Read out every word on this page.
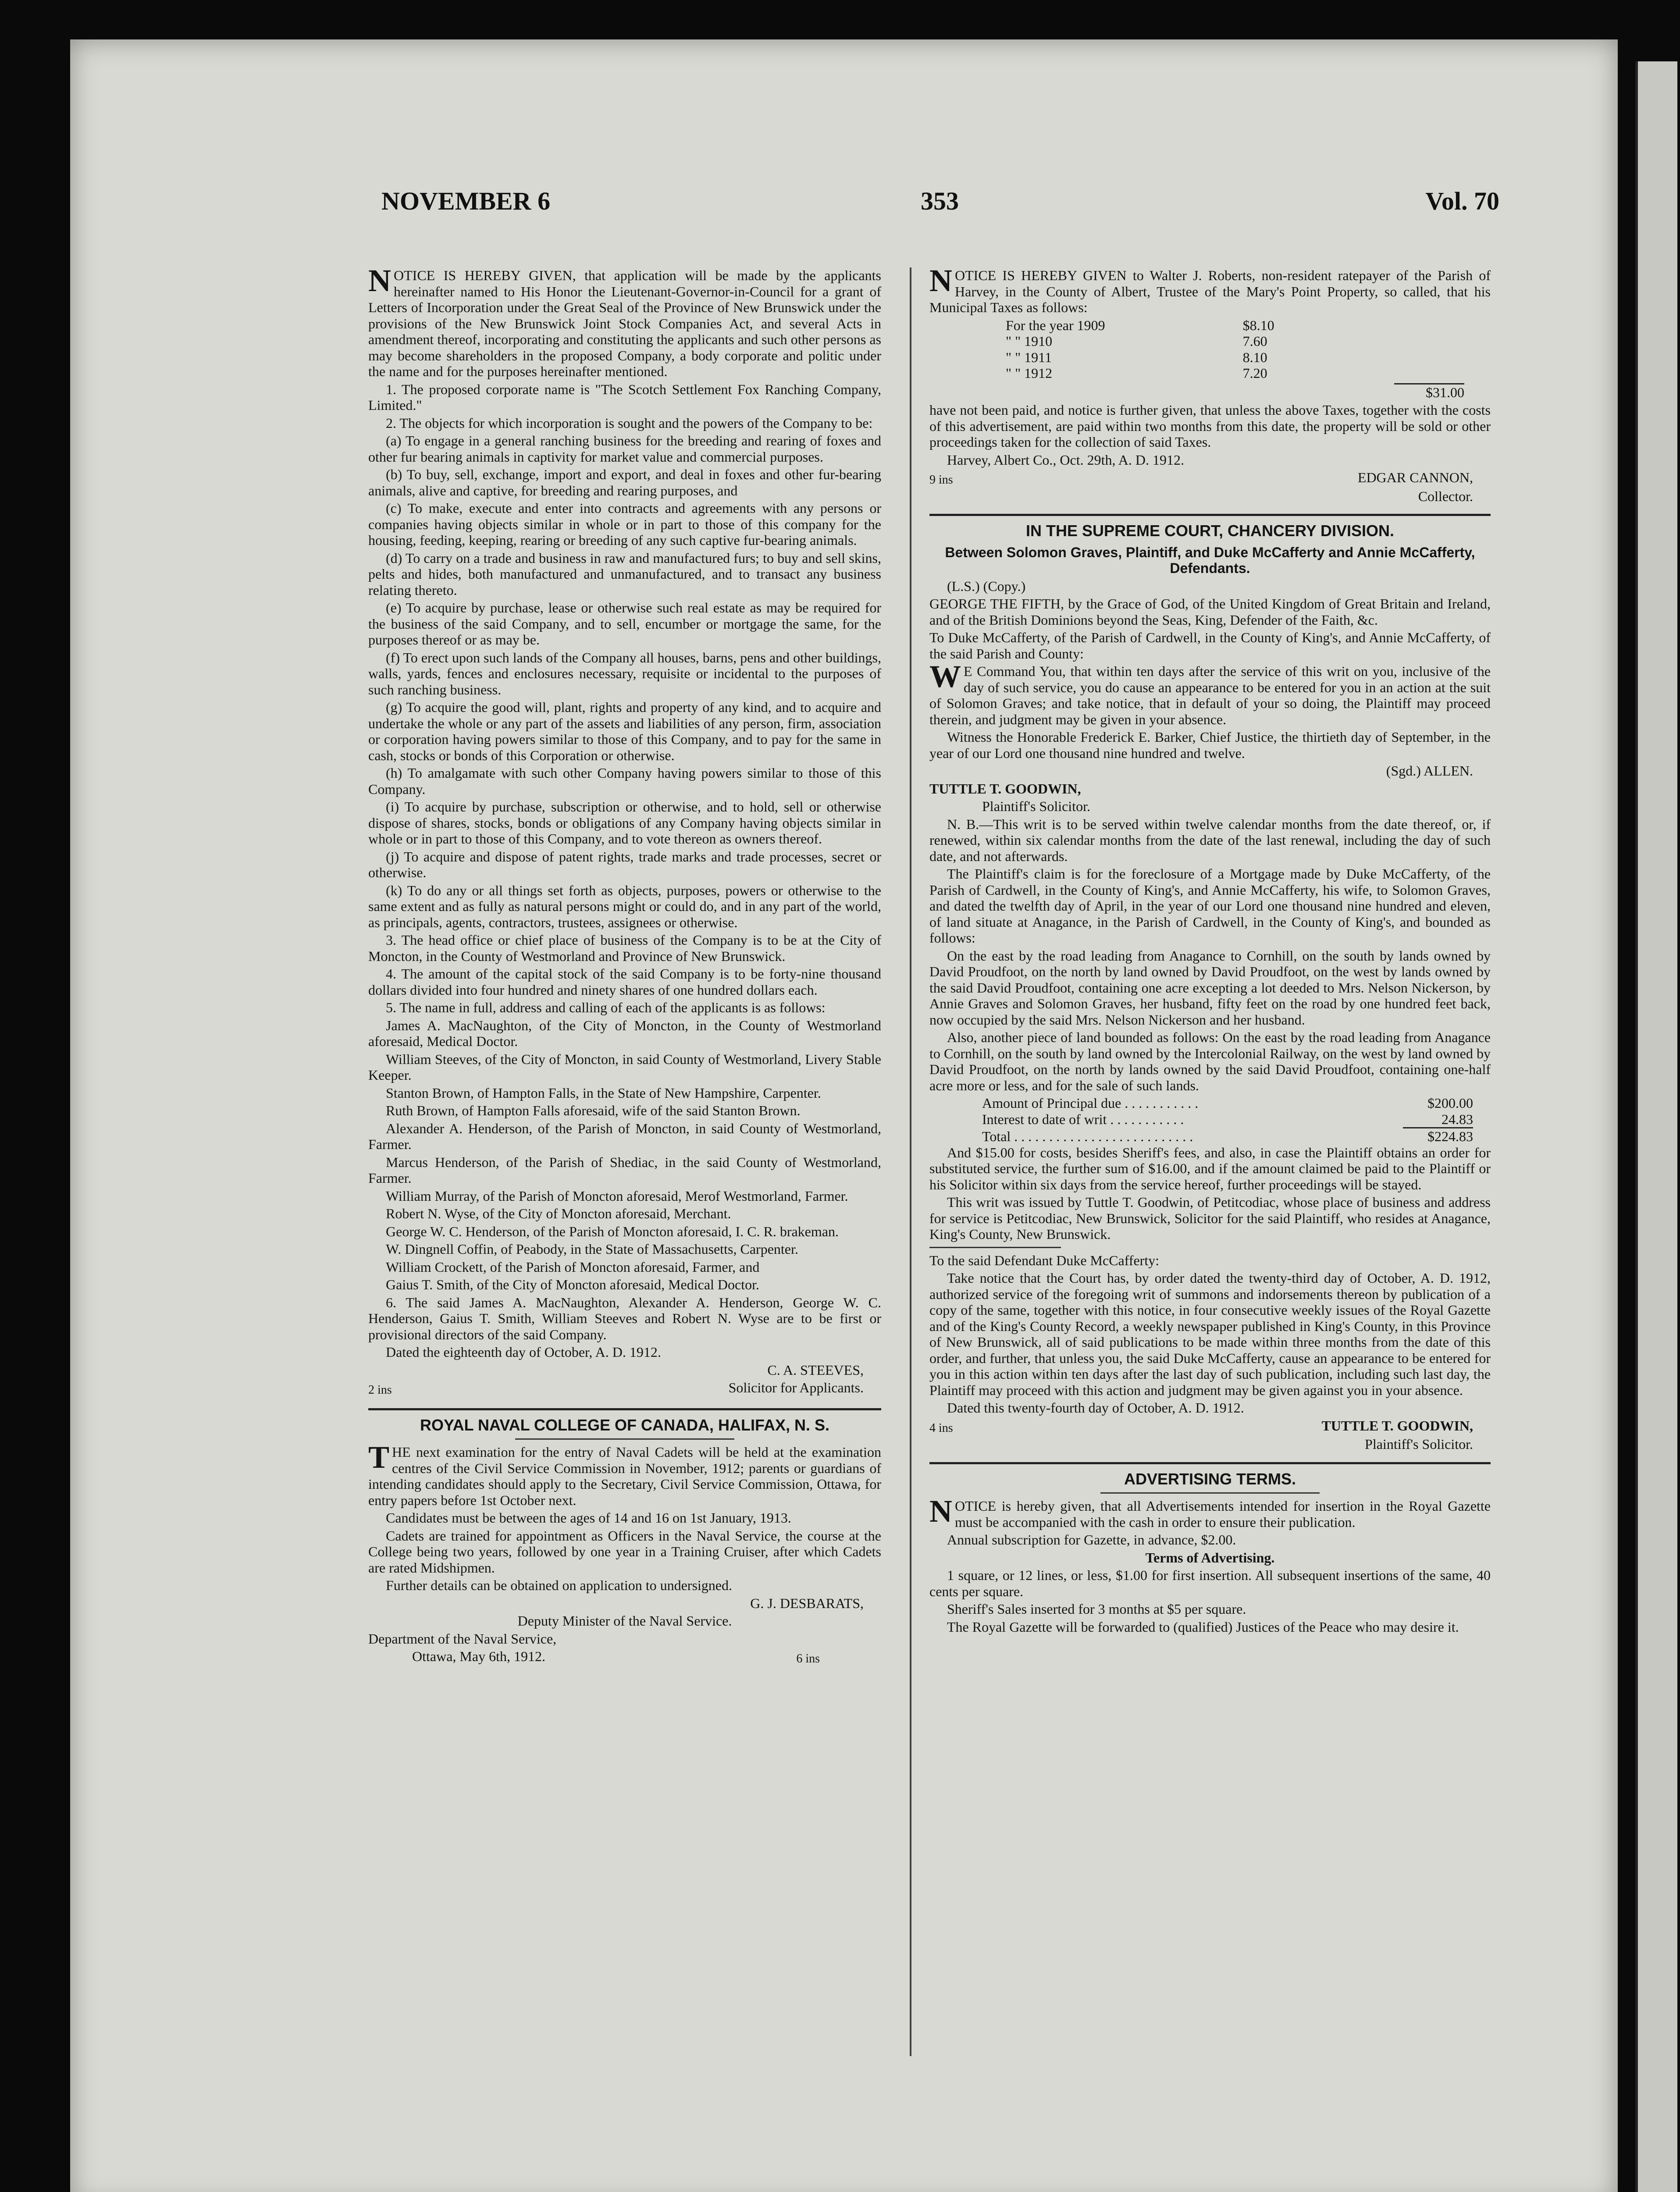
NOVEMBER 6	353	Vol. 70

NOTICE IS HEREBY GIVEN, that application will be made by the applicants hereinafter named to His Honor the Lieutenant-Governor-in-Council for a grant of Letters of Incorporation under the Great Seal of the Province of New Brunswick under the provisions of the New Brunswick Joint Stock Companies Act, and several Acts in amendment thereof, incorporating and constituting the applicants and such other persons as may become shareholders in the proposed Company, a body corporate and politic under the name and for the purposes hereinafter mentioned.

1. The proposed corporate name is "The Scotch Settlement Fox Ranching Company, Limited."

2. The objects for which incorporation is sought and the powers of the Company to be:

(a) To engage in a general ranching business for the breeding and rearing of foxes and other fur bearing animals in captivity for market value and commercial purposes.

(b) To buy, sell, exchange, import and export, and deal in foxes and other fur-bearing animals, alive and captive, for breeding and rearing purposes, and

(c) To make, execute and enter into contracts and agreements with any persons or companies having objects similar in whole or in part to those of this company for the housing, feeding, keeping, rearing or breeding of any such captive fur-bearing animals.

(d) To carry on a trade and business in raw and manufactured furs; to buy and sell skins, pelts and hides, both manufactured and unmanufactured, and to transact any business relating thereto.

(e) To acquire by purchase, lease or otherwise such real estate as may be required for the business of the said Company, and to sell, encumber or mortgage the same, for the purposes thereof or as may be.

(f) To erect upon such lands of the Company all houses, barns, pens and other buildings, walls, yards, fences and enclosures necessary, requisite or incidental to the purposes of such ranching business.

(g) To acquire the good will, plant, rights and property of any kind, and to acquire and undertake the whole or any part of the assets and liabilities of any person, firm, association or corporation having powers similar to those of this Company, and to pay for the same in cash, stocks or bonds of this Corporation or otherwise.

(h) To amalgamate with such other Company having powers similar to those of this Company.

(i) To acquire by purchase, subscription or otherwise, and to hold, sell or otherwise dispose of shares, stocks, bonds or obligations of any Company having objects similar in whole or in part to those of this Company, and to vote thereon as owners thereof.

(j) To acquire and dispose of patent rights, trade marks and trade processes, secret or otherwise.

(k) To do any or all things set forth as objects, purposes, powers or otherwise to the same extent and as fully as natural persons might or could do, and in any part of the world, as principals, agents, contractors, trustees, assignees or otherwise.

3. The head office or chief place of business of the Company is to be at the City of Moncton, in the County of Westmorland and Province of New Brunswick.

4. The amount of the capital stock of the said Company is to be forty-nine thousand dollars divided into four hundred and ninety shares of one hundred dollars each.

5. The name in full, address and calling of each of the applicants is as follows:

James A. MacNaughton, of the City of Moncton, in the County of Westmorland aforesaid, Medical Doctor.

William Steeves, of the City of Moncton, in said County of Westmorland, Livery Stable Keeper.

Stanton Brown, of Hampton Falls, in the State of New Hampshire, Carpenter.

Ruth Brown, of Hampton Falls aforesaid, wife of the said Stanton Brown.

Alexander A. Henderson, of the Parish of Moncton, in said County of Westmorland, Farmer.

Marcus Henderson, of the Parish of Shediac, in the said County of Westmorland, Farmer.

William Murray, of the Parish of Moncton aforesaid, Merof Westmorland, Farmer.

Robert N. Wyse, of the City of Moncton aforesaid, Merchant.

George W. C. Henderson, of the Parish of Moncton aforesaid, I. C. R. brakeman.

W. Dingnell Coffin, of Peabody, in the State of Massachusetts, Carpenter.

William Crockett, of the Parish of Moncton aforesaid, Farmer, and

Gaius T. Smith, of the City of Moncton aforesaid, Medical Doctor.

6. The said James A. MacNaughton, Alexander A. Henderson, George W. C. Henderson, Gaius T. Smith, William Steeves and Robert N. Wyse are to be first or provisional directors of the said Company.

Dated the eighteenth day of October, A. D. 1912.

C. A. STEEVES,

2 ins	Solicitor for Applicants.
ROYAL NAVAL COLLEGE OF CANADA, HALIFAX, N. S.

THE next examination for the entry of Naval Cadets will be held at the examination centres of the Civil Service Commission in November, 1912; parents or guardians of intending candidates should apply to the Secretary, Civil Service Commission, Ottawa, for entry papers before 1st October next.

Candidates must be between the ages of 14 and 16 on 1st January, 1913.

Cadets are trained for appointment as Officers in the Naval Service, the course at the College being two years, followed by one year in a Training Cruiser, after which Cadets are rated Midshipmen.

Further details can be obtained on application to undersigned.

G. J. DESBARATS,

Deputy Minister of the Naval Service.

Department of the Naval Service,

Ottawa, May 6th, 1912.	6 ins

NOTICE IS HEREBY GIVEN to Walter J. Roberts, non-resident ratepayer of the Parish of Harvey, in the County of Albert, Trustee of the Mary's Point Property, so called, that his Municipal Taxes as follows:

For the year 1909	$8.10
" " 1910	7.60
" " 1911	8.10
" " 1912	7.20

$31.00

have not been paid, and notice is further given, that unless the above Taxes, together with the costs of this advertisement, are paid within two months from this date, the property will be sold or other proceedings taken for the collection of said Taxes.

Harvey, Albert Co., Oct. 29th, A. D. 1912.

9 ins	EDGAR CANNON,

Collector.

IN THE SUPREME COURT, CHANCERY DIVISION.

Between Solomon Graves, Plaintiff, and Duke McCafferty and Annie McCafferty, Defendants.

(L.S.) (Copy.)

GEORGE THE FIFTH, by the Grace of God, of the United Kingdom of Great Britain and Ireland, and of the British Dominions beyond the Seas, King, Defender of the Faith, &c.

To Duke McCafferty, of the Parish of Cardwell, in the County of King's, and Annie McCafferty, of the said Parish and County:

WE Command You, that within ten days after the service of this writ on you, inclusive of the day of such service, you do cause an appearance to be entered for you in an action at the suit of Solomon Graves; and take notice, that in default of your so doing, the Plaintiff may proceed therein, and judgment may be given in your absence.

Witness the Honorable Frederick E. Barker, Chief Justice, the thirtieth day of September, in the year of our Lord one thousand nine hundred and twelve.

(Sgd.) ALLEN.

TUTTLE T. GOODWIN,

Plaintiff's Solicitor.

N. B.—This writ is to be served within twelve calendar months from the date thereof, or, if renewed, within six calendar months from the date of the last renewal, including the day of such date, and not afterwards.

The Plaintiff's claim is for the foreclosure of a Mortgage made by Duke McCafferty, of the Parish of Cardwell, in the County of King's, and Annie McCafferty, his wife, to Solomon Graves, and dated the twelfth day of April, in the year of our Lord one thousand nine hundred and eleven, of land situate at Anagance, in the Parish of Cardwell, in the County of King's, and bounded as follows:

On the east by the road leading from Anagance to Cornhill, on the south by lands owned by David Proudfoot, on the north by land owned by David Proudfoot, on the west by lands owned by the said David Proudfoot, containing one acre excepting a lot deeded to Mrs. Nelson Nickerson, by Annie Graves and Solomon Graves, her husband, fifty feet on the road by one hundred feet back, now occupied by the said Mrs. Nelson Nickerson and her husband.

Also, another piece of land bounded as follows: On the east by the road leading from Anagance to Cornhill, on the south by land owned by the Intercolonial Railway, on the west by land owned by David Proudfoot, on the north by lands owned by the said David Proudfoot, containing one-half acre more or less, and for the sale of such lands.

Amount of Principal due . . . . . . . . . . .	$200.00
Interest to date of writ . . . . . . . . . . .	24.83
Total . . . . . . . . . . . . . . . . . . . . . . . . . .	$224.83

And $15.00 for costs, besides Sheriff's fees, and also, in case the Plaintiff obtains an order for substituted service, the further sum of $16.00, and if the amount claimed be paid to the Plaintiff or his Solicitor within six days from the service hereof, further proceedings will be stayed.

This writ was issued by Tuttle T. Goodwin, of Petitcodiac, whose place of business and address for service is Petitcodiac, New Brunswick, Solicitor for the said Plaintiff, who resides at Anagance, King's County, New Brunswick.

To the said Defendant Duke McCafferty:

Take notice that the Court has, by order dated the twenty-third day of October, A. D. 1912, authorized service of the foregoing writ of summons and indorsements thereon by publication of a copy of the same, together with this notice, in four consecutive weekly issues of the Royal Gazette and of the King's County Record, a weekly newspaper published in King's County, in this Province of New Brunswick, all of said publications to be made within three months from the date of this order, and further, that unless you, the said Duke McCafferty, cause an appearance to be entered for you in this action within ten days after the last day of such publication, including such last day, the Plaintiff may proceed with this action and judgment may be given against you in your absence.

Dated this twenty-fourth day of October, A. D. 1912.

4 ins	TUTTLE T. GOODWIN,

Plaintiff's Solicitor.

ADVERTISING TERMS.

NOTICE is hereby given, that all Advertisements intended for insertion in the Royal Gazette must be accompanied with the cash in order to ensure their publication.

Annual subscription for Gazette, in advance, $2.00.

Terms of Advertising.

1 square, or 12 lines, or less, $1.00 for first insertion. All subsequent insertions of the same, 40 cents per square.

Sheriff's Sales inserted for 3 months at $5 per square.

The Royal Gazette will be forwarded to (qualified) Justices of the Peace who may desire it.
